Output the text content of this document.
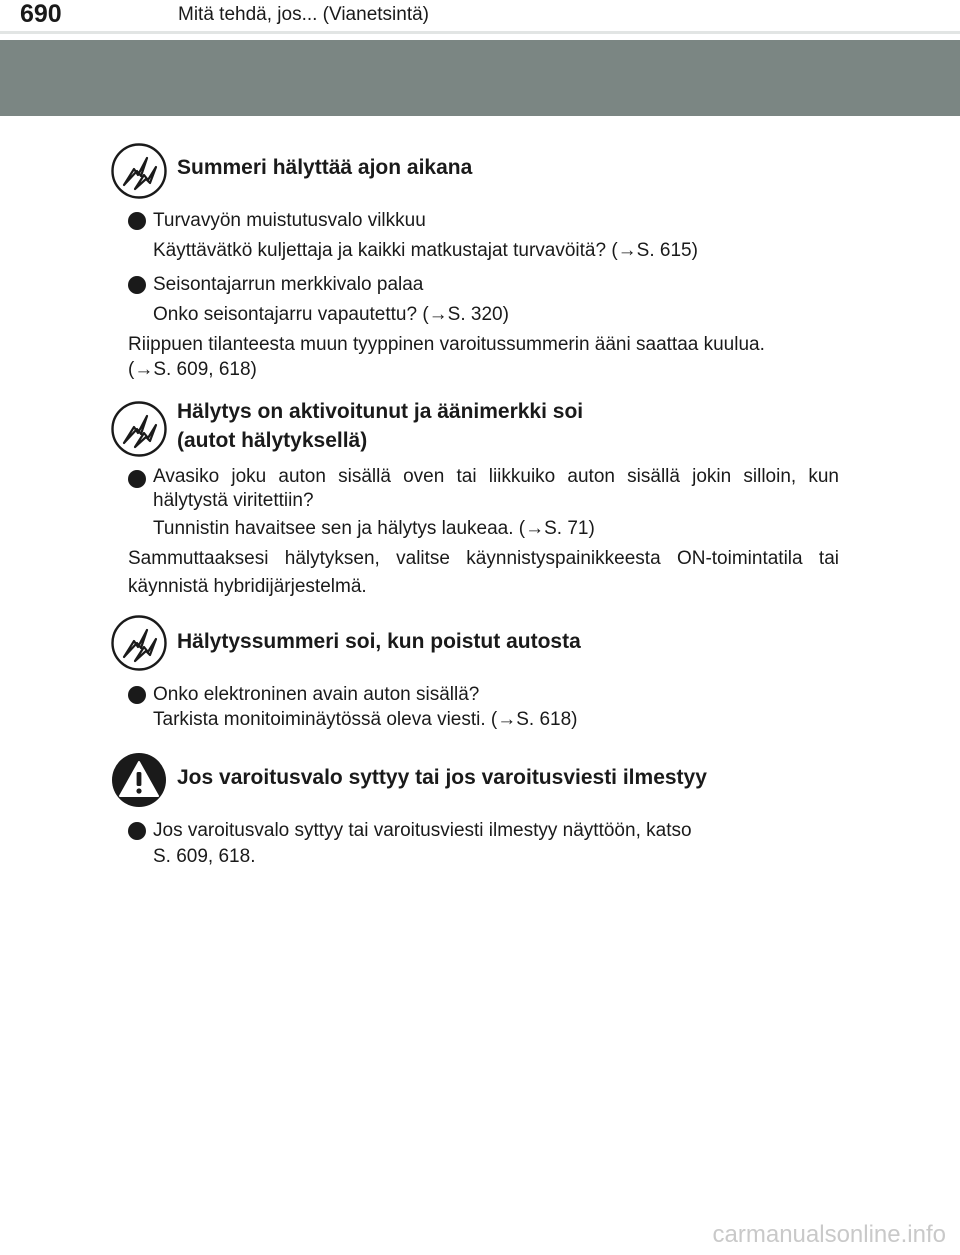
690	Mitä tehdä, jos... (Vianetsintä)
Summeri hälyttää ajon aikana

Turvavyön muistutusvalo vilkkuu

Käyttävätkö kuljettaja ja kaikki matkustajat turvavöitä? (→S. 615)

Seisontajarrun merkkivalo palaa

Onko seisontajarru vapautettu? (→S. 320)

Riippuen tilanteesta muun tyyppinen varoitussummerin ääni saattaa kuulua.

(→S. 609, 618)

Hälytys on aktivoitunut ja äänimerkki soi
(autot hälytyksellä)

Avasiko joku auton sisällä oven tai liikkuiko auton sisällä jokin silloin, kun hälytystä viritettiin?

Tunnistin havaitsee sen ja hälytys laukeaa. (→S. 71)

Sammuttaaksesi hälytyksen, valitse käynnistyspainikkeesta ON-toimintatila tai käynnistä hybridijärjestelmä.

Hälytyssummeri soi, kun poistut autosta

Onko elektroninen avain auton sisällä?

Tarkista monitoiminäytössä oleva viesti. (→S. 618)

Jos varoitusvalo syttyy tai jos varoitusviesti ilmestyy

Jos varoitusvalo syttyy tai varoitusviesti ilmestyy näyttöön, katso

S. 609, 618.

carmanualsonline.info
